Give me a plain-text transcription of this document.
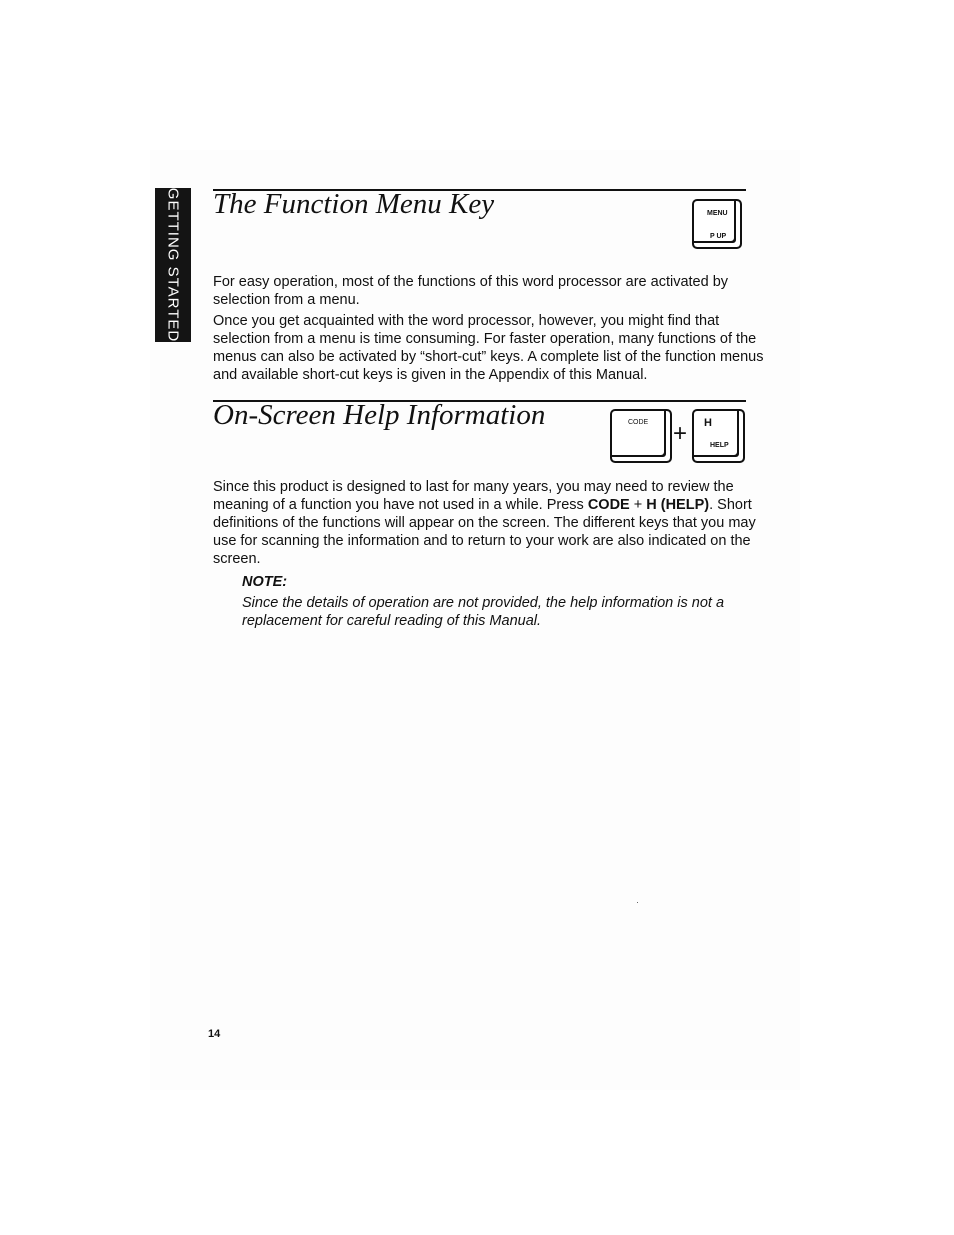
GETTING STARTED The Function Menu Key	MENU
P UP

For easy operation, most of the functions of this word processor are activated by selection from a menu.

Once you get acquainted with the word processor, however, you might find that selection from a menu is time consuming. For faster operation, many functions of the menus can also be activated by “short-cut” keys. A complete list of the function menus and available short-cut keys is given in the Appendix of this Manual.

On-Screen Help Information	CODE + H
HELP

Since this product is designed to last for many years, you may need to review the meaning of a function you have not used in a while. Press CODE + H (HELP). Short definitions of the functions will appear on the screen. The different keys that you may use for scanning the information and to return to your work are also indicated on the screen.

NOTE:

Since the details of operation are not provided, the help information is not a replacement for careful reading of this Manual.

14
